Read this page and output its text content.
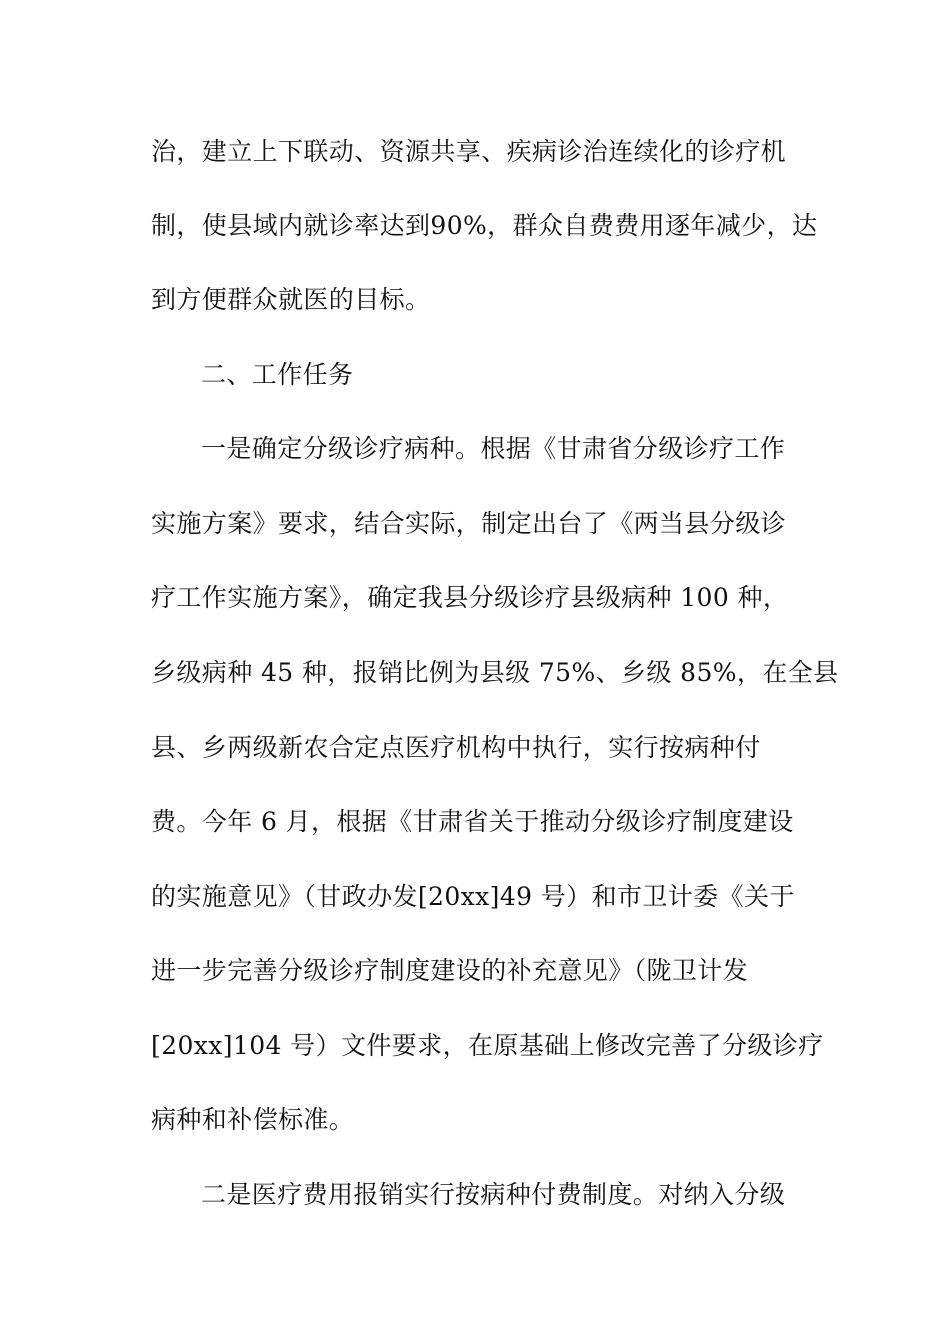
治，建立上下联动、资源共享、疾病诊治连续化的诊疗机
制，使县域内就诊率达到90%，群众自费费用逐年减少，达
到方便群众就医的目标。
二、工作任务
一是确定分级诊疗病种。根据《甘肃省分级诊疗工作
实施方案》要求，结合实际，制定出台了《两当县分级诊
疗工作实施方案》，确定我县分级诊疗县级病种 100 种，
乡级病种 45 种，报销比例为县级 75%、乡级 85%，在全县
县、乡两级新农合定点医疗机构中执行，实行按病种付
费。今年 6 月，根据《甘肃省关于推动分级诊疗制度建设
的实施意见》（甘政办发[20xx]49 号）和市卫计委《关于
进一步完善分级诊疗制度建设的补充意见》（陇卫计发
[20xx]104 号）文件要求，在原基础上修改完善了分级诊疗
病种和补偿标准。
二是医疗费用报销实行按病种付费制度。对纳入分级
